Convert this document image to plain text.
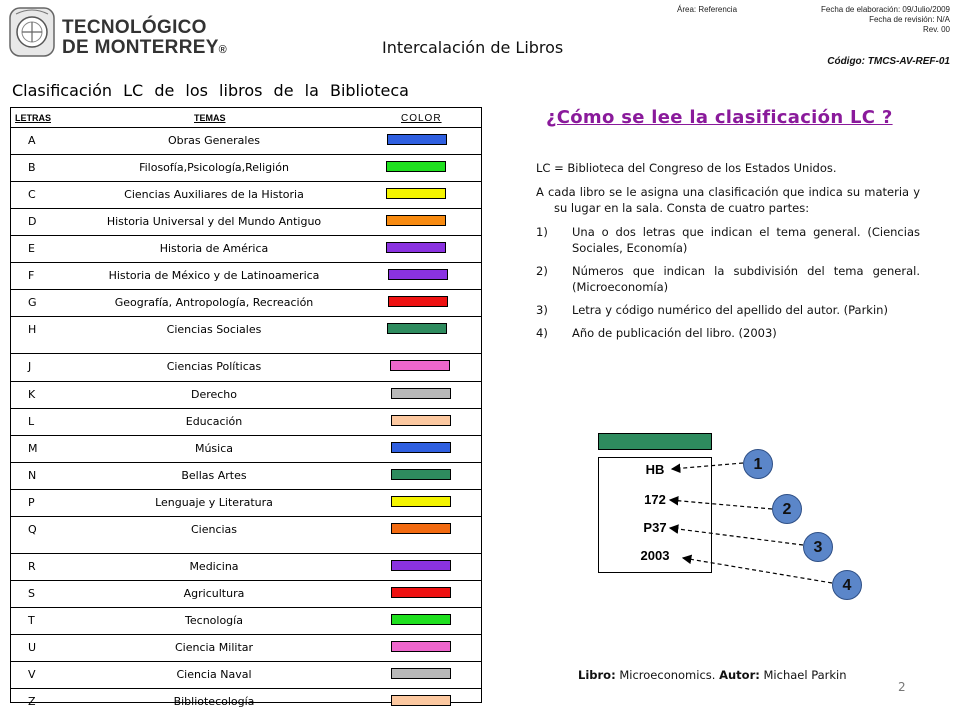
TECNOLÓGICO
DE MONTERREY®
Área: Referencia	Fecha de elaboración: 09/Julio/2009
Fecha de revisión: N/A
Rev. 00
Intercalación de Libros
Código: TMCS-AV-REF-01
Clasificación LC de los libros de la Biblioteca
LETRAS	TEMAS	COLOR
A	Obras Generales
B	Filosofía,Psicología,Religión
C	Ciencias Auxiliares de la Historia
D	Historia Universal y del Mundo Antiguo
E	Historia de América
F	Historia de México y de Latinoamerica
G	Geografía, Antropología, Recreación
H	Ciencias Sociales
J	Ciencias Políticas
K	Derecho
L	Educación
M	Música
N	Bellas Artes
P	Lenguaje y Literatura
Q	Ciencias
R	Medicina
S	Agricultura
T	Tecnología
U	Ciencia Militar
V	Ciencia Naval
Z	Bibliotecología
¿Cómo se lee la clasificación LC ?

LC = Biblioteca del Congreso de los Estados Unidos.

A cada libro se le asigna una clasificación que indica su materia y su lugar en la sala. Consta de cuatro partes:

1)	Una o dos letras que indican el tema general. (Ciencias Sociales, Economía)
2)	Números que indican la subdivisión del tema general. (Microeconomía)
3)	Letra y código numérico del apellido del autor. (Parkin)
4)	Año de publicación del libro. (2003)
HB
172
P37
2003
1
2
3
4
Libro: Microeconomics. Autor: Michael Parkin
2
